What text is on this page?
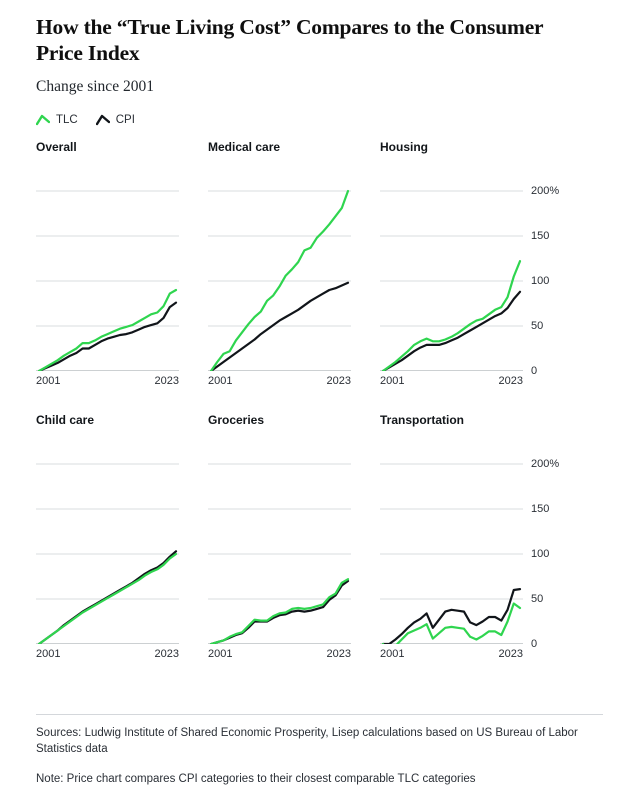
How the “True Living Cost” Compares to the Consumer Price Index

Change since 2001

TLC	CPI

Overall

2001	2023

Medical care

2001	2023

Housing

200%
150
100
50
0
2001	2023

Child care

2001	2023

Groceries

2001	2023

Transportation

200%
150
100
50
0
2001	2023

Sources: Ludwig Institute of Shared Economic Prosperity, Lisep calculations based on US Bureau of Labor Statistics data

Note: Price chart compares CPI categories to their closest comparable TLC categories
